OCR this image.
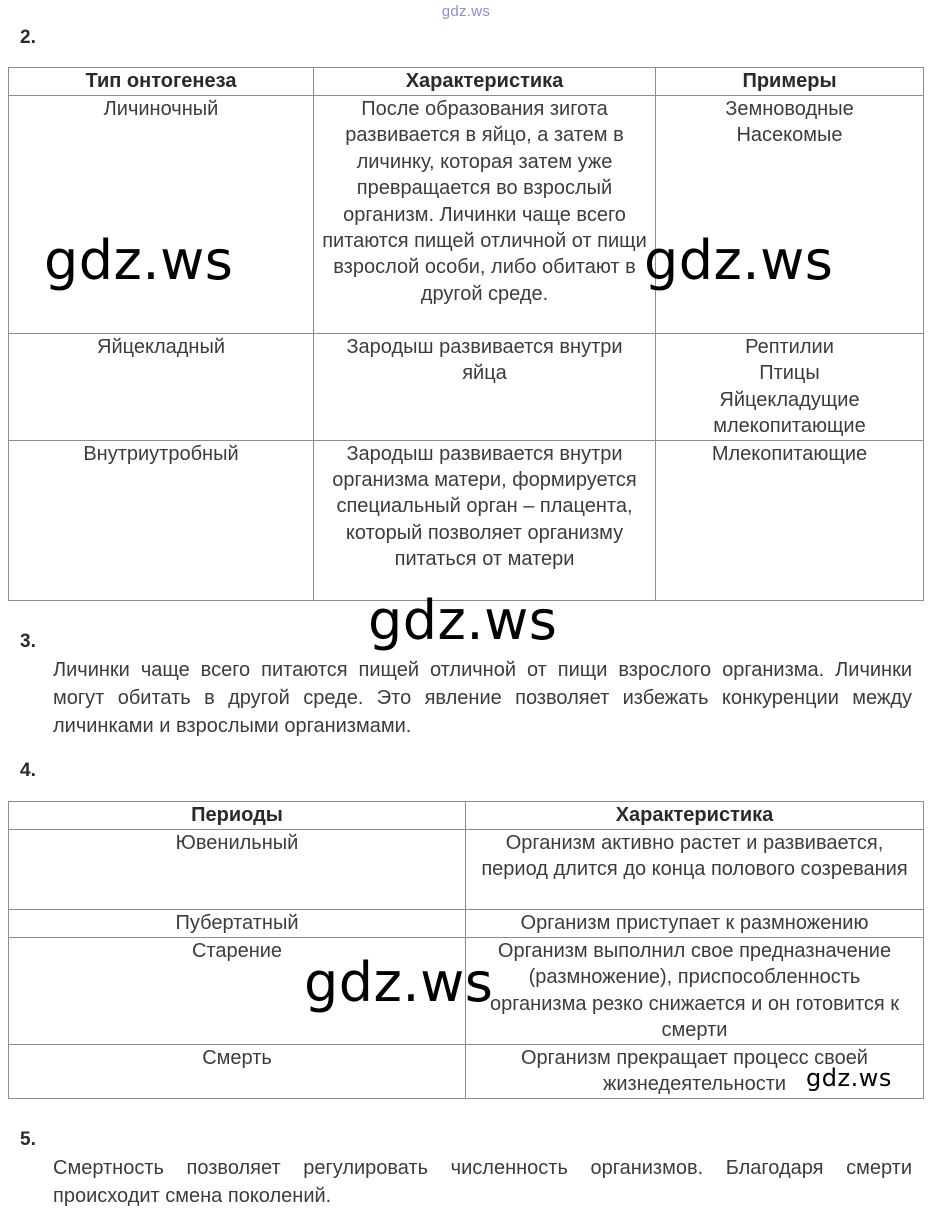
gdz.ws
2.
Тип онтогенеза	Характеристика	Примеры
Личиночный	После образования зигота развивается в яйцо, а затем в личинку, которая затем уже превращается во взрослый организм. Личинки чаще всего питаются пищей отличной от пищи взрослой особи, либо обитают в другой среде.	Земноводные
Насекомые

Яйцекладный	Зародыш развивается внутри яйца	Рептилии
Птицы
Яйцекладущие млекопитающие

Внутриутробный	Зародыш развивается внутри организма матери, формируется специальный орган – плацента, который позволяет организму питаться от матери	Млекопитающие
3.
Личинки чаще всего питаются пищей отличной от пищи взрослого организма. Личинки могут обитать в другой среде. Это явление позволяет избежать конкуренции между личинками и взрослыми организмами.
4.
Периоды	Характеристика
Ювенильный	Организм активно растет и развивается, период длится до конца полового созревания
Пубертатный	Организм приступает к размножению
Старение	Организм выполнил свое предназначение (размножение), приспособленность организма резко снижается и он готовится к смерти
Смерть	Организм прекращает процесс своей жизнедеятельности
5.
Смертность позволяет регулировать численность организмов. Благодаря смерти происходит смена поколений.
gdz.ws	gdz.ws
gdz.ws
gdz.ws
gdz.ws
